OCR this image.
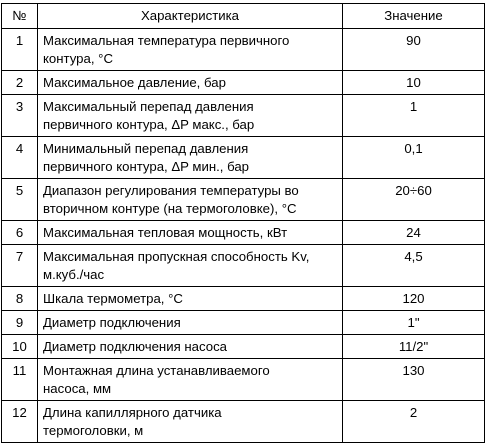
№	Характеристика	Значение
1	Максимальная температура первичного
контура, °C	90
2	Максимальное давление, бар	10
3	Максимальный перепад давления
первичного контура, ΔP макс., бар	1
4	Минимальный перепад давления
первичного контура, ΔP мин., бар	0,1
5	Диапазон регулирования температуры во
вторичном контуре (на термоголовке), °C	20÷60
6	Максимальная тепловая мощность, кВт	24
7	Максимальная пропускная способность Kv,
м.куб./час	4,5
8	Шкала термометра, °C	120
9	Диаметр подключения	1"
10	Диаметр подключения насоса	11/2"
11	Монтажная длина устанавливаемого
насоса, мм	130
12	Длина капиллярного датчика
термоголовки, м	2
